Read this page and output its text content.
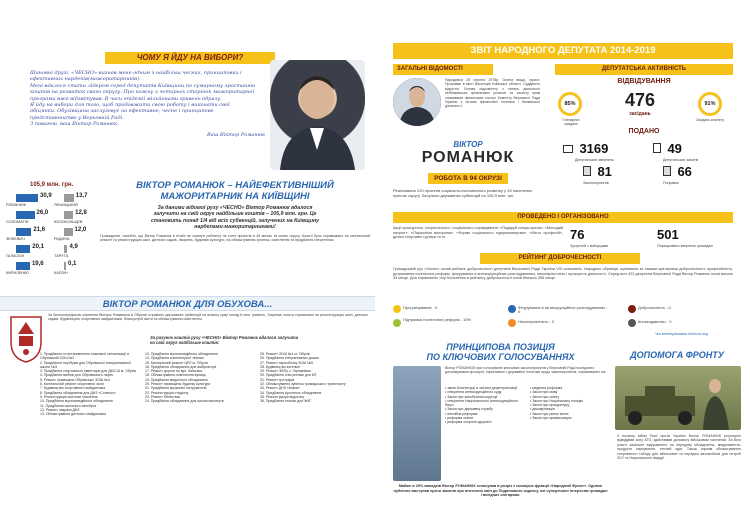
ЧОМУ Я ЙДУ НА ВИБОРИ?
Шановні друзі, «ЧЕСНО» визнав мене одним з найбільш чесних, принципових і
ефективних нардепів(мажоритарників).
Мені вдалося стати лідером серед депутатів Київщини по сумарному зростанню
коштів на розвиток свого округу. Про кожну з чотирьох сторінок мажоритарної
програми вже відзвітував. В часи епідемії мільйонами гривень одразу.
Я йду на вибори для того, щоб продовжити свою роботу і виконати свої
обіцянки. Обухівщина заслуговує на ефективне, чесне і принципове
представництво у Верховній Раді.
З повагою, ваш Віктор Романюк.
Ваш Віктор Романюк
ВІКТОР РОМАНЮК – НАЙЕФЕКТИВНІШИЙ
МАЖОРИТАРНИК НА КИЇВЩИНІ
За даними відомої руху «ЧЕСНО» Віктор Романюк вдалося
залучити на свій округ найбільше коштів – 105,9 млн. грн. Це
становить понад 1/4 від всіх субвенцій, залучених на Київщину
нардепами-мажоритарниками!
Громадянин, ганебно, що Віктор Романюк в нічиїх не оминуті рейтингу не сотні проектів в 45 містах та селах округу. Кошти було спрямовано на капітальний ремонт та реконструкцію шкіл, дитячих садків, лікарень, будинків культури, на облаштування зупинок, освітлення та придбання спецтехніки.
105,9 млн. грн.
РОМАНЮК
30,9
СОЛОМАТІН
26,0
ЗІНКЕВИЧ
21,6
ГАЛАСЮК
20,1
КИРИЛЕНКО
19,6
ЯНЧИЦЬКИЙ
13,7
КОЛОКОЛЬЦЕВ
12,8
РАДИНА
12,0
ТАРУТА
4,9
КАПЛІН
0,1
ВІКТОР РОМАНЮК ДЛЯ ОБУХОВА...
За безпосередньою сприяння Віктора Романюка в Обухові отримано державних субвенцій на власну суму понад 6 млн. гривень. Зокрема, кошти спрямовані на реконструкцію шкіл, дитячих садків, будівництво спортивних майданчиків, благоустрій міста та облаштування освітлення.
За рахунок коштів руху «ЧЕСНО» Віктор Романюк вдалося залучити на свій округ найбільше коштів:
1. Придбання та встановлення пожежної сигналізації в Обухівській ЗОШ №2
2. Придбання ноутбуків для Обухівської спеціалізованої школи №3
3. Придбання спортивного інвентарю для ДЮСШ м. Обухів
4. Придбання меблів для Обухівського ліцею
5. Ремонт приміщень Обухівської ЗОШ №4
6. Капітальний ремонт спортивної зали
7. Будівництво спортивного майданчика
8. Придбання обладнання для ДНЗ «Сонечко»
9. Реконструкція системи опалення
10. Придбання мультимедійного обладнання
11. Придбання шкільного автобуса
12. Ремонт покрівлі ДНЗ
13. Облаштування дитячого майданчика
13. Придбання мультимедійного обладнання
14. Придбання комп'ютерної техніки
15. Капітальний ремонт ЦРЛ м. Обухів
16. Придбання обладнання для амбулаторії
17. Ремонт дороги по вул. Київська
18. Облаштування освітлення вулиць
19. Придбання медичного обладнання
20. Ремонт приміщень будинку культури
21. Придбання музичних інструментів
22. Реконструкція стадіону
23. Ремонт бібліотеки
24. Придбання обладнання для школи мистецтв
25. Ремонт ЗОШ №1 м. Обухів
26. Придбання інтерактивних дошок
27. Ремонт харчоблоку ЗОШ №5
28. Будівництво котельні
29. Ремонт ФАПу с. Германівка
30. Придбання спецтехніки для КП
31. Ремонт тротуарів
32. Облаштування зупинок громадського транспорту
33. Ремонт ДНЗ «Казка»
34. Придбання кухонного обладнання
35. Реконструкція водогону
36. Придбання техніки для ЖКГ
ЗВІТ НАРОДНОГО ДЕПУТАТА 2014-2019
ЗАГАЛЬНІ ВІДОМОСТІ
Народився 28 серпня 1978р. Освіта вища, юрист. Проживає в місті Васильків Київської області. Суддівість відсутня. Голова підкомітету з питань діяльності небанківських фінансових установ та захисту прав споживачів фінансових послуг Комітету Верховної Ради України з питань фінансової політики і банківської діяльності.
ВІКТОР
РОМАНЮК
РОБОТА В 94 ОКРУЗІ
Реалізовано 220 проектів соціально-економічного розвитку у 45 населених пунктах округу. Залучено державних субвенцій на 105,9 млн. грн.
ДЕПУТАТСЬКА АКТИВНІСТЬ
ВІДВІДУВАННЯ
85%
Пленарних засідань
476
засідань
91%
Засідань комітету
ПОДАНО
3169
Депутатських звернень
49
Депутатських запитів
81
Законопроектів
66
Поправок
ПРОВЕДЕНО І ОРГАНІЗОВАНО
Акції культурного, патріотичного і соціального спрямування: «Подаруй сонцю крила», «Молодий патріот», «Параолімп вікторина», «Форми соціального підприємництва», «Місто професій», дитячі спортивні турніри та ін.	76
Зустрічей з виборцями
501
Опрацьовано звернень громадян
РЕЙТИНГ ДОБРОЧЕСНОСТІ
Громадський рух «Чесно» склав рейтинг доброчесності депутатів Верховної Ради України VIII скликання. Народних обранців оцінювали за такими критеріями доброчесності: професійність, дотримання політичних реформ, фігурування в антикорупційних розслідуваннях, неконфліктність і прозорість діяльності. Серед всіх 423 депутатів Верховної Ради Віктор Романюк посів високе 33 місце. Для порівняння: Ігор Кононенко в рейтингу доброчесності посів близько 395 місце.
Прогумнування - 0	Фігурування в антикорупційних розслідуваннях - 0
Доброчесність - 0
Підтримка політичних реформ - 10%	Неконфліктність - 0	Кнопкодавство - 0
*за матеріалами chesno.org
ПРИНЦИПОВА ПОЗИЦІЯ
ПО КЛЮЧОВИХ ГОЛОСУВАННЯХ
Віктор РОМАНЮК при голосуванні ключових законопроектів у Верховній Раді послідовно дотримувався прозорої, ефективної і державної політики щодо законопроектів, спрямованих на:
• зміни Конституції в частині децентралізації
• створення антикорупційного суду
• Закон про запобігання корупції
• створення Національного антикорупційного бюро
• Закон про державну службу
• пенсійна реформа
• реформа освіти
• реформа охорони здоров'я
• медична реформа
• Закон про мову
• Закон про освіту
• Закон про Національну поліцію
• Закон про прокуратуру
• декомунізація
• Закон про ринок землі
• Закон про приватизацію
Майже в 25% випадків Віктор РОМАНЮК голосував в розріз з позицією фракції «Народний Фронт». Однією публічно виступав проти законів про внесення змін до Податкового кодексу, які суперечили інтересам громадян і вигідних олігархам.
ДОПОМОГА ФРОНТУ
З початку війни Росії проти України Віктор РОМАНЮК регулярно відвідував зону АТО, здійснював допомогу військовим частинам. За його участі загальне відправлено на передову обладнання, медикаменти, продукти харчування, теплий одяг. Також сприяв облаштуванню спортивного табору для військових та передачі автомобілів для потреб ЗСУ та Національної гвардії.
